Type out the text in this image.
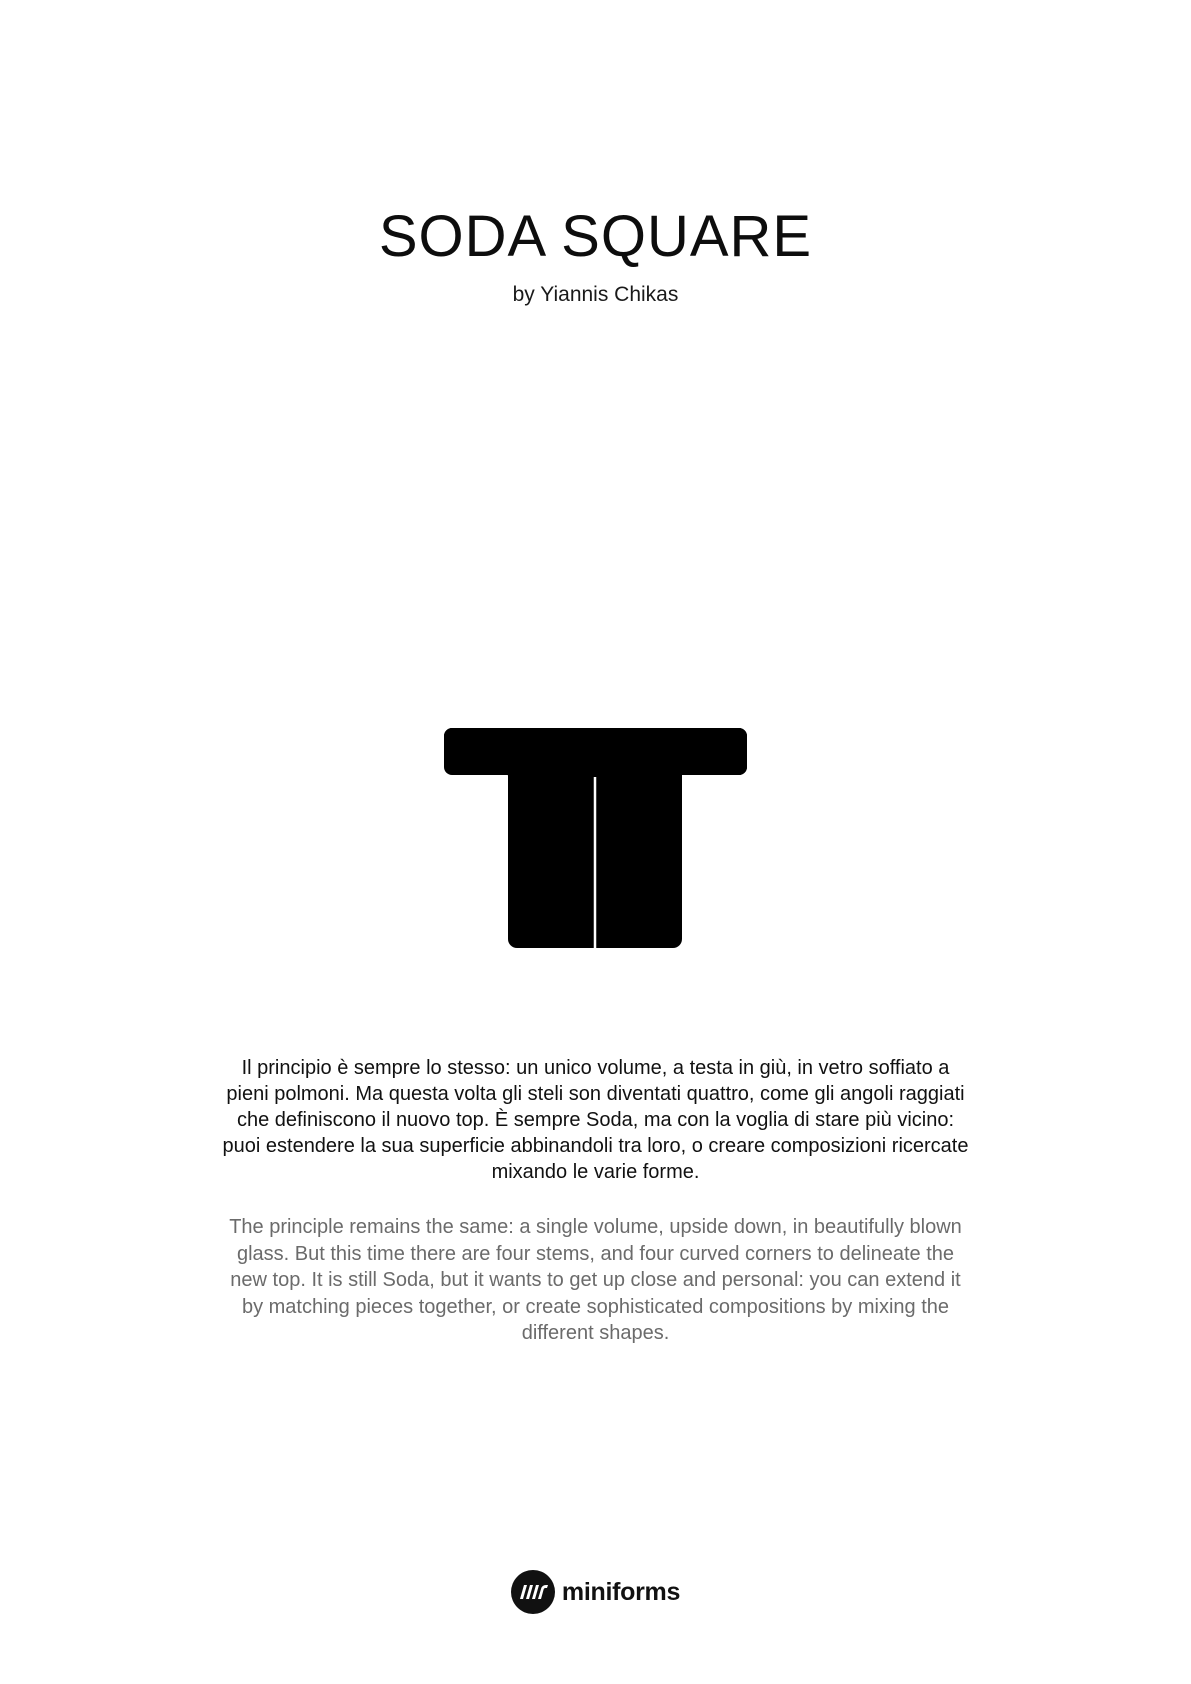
SODA SQUARE
by Yiannis Chikas

Il principio è sempre lo stesso: un unico volume, a testa in giù, in vetro soffiato a pieni polmoni. Ma questa volta gli steli son diventati quattro, come gli angoli raggiati che definiscono il nuovo top. È sempre Soda, ma con la voglia di stare più vicino: puoi estendere la sua superficie abbinandoli tra loro, o creare composizioni ricercate mixando le varie forme.

The principle remains the same: a single volume, upside down, in beautifully blown glass. But this time there are four stems, and four curved corners to delineate the new top. It is still Soda, but it wants to get up close and personal: you can extend it by matching pieces together, or create sophisticated compositions by mixing the different shapes.

miniforms
